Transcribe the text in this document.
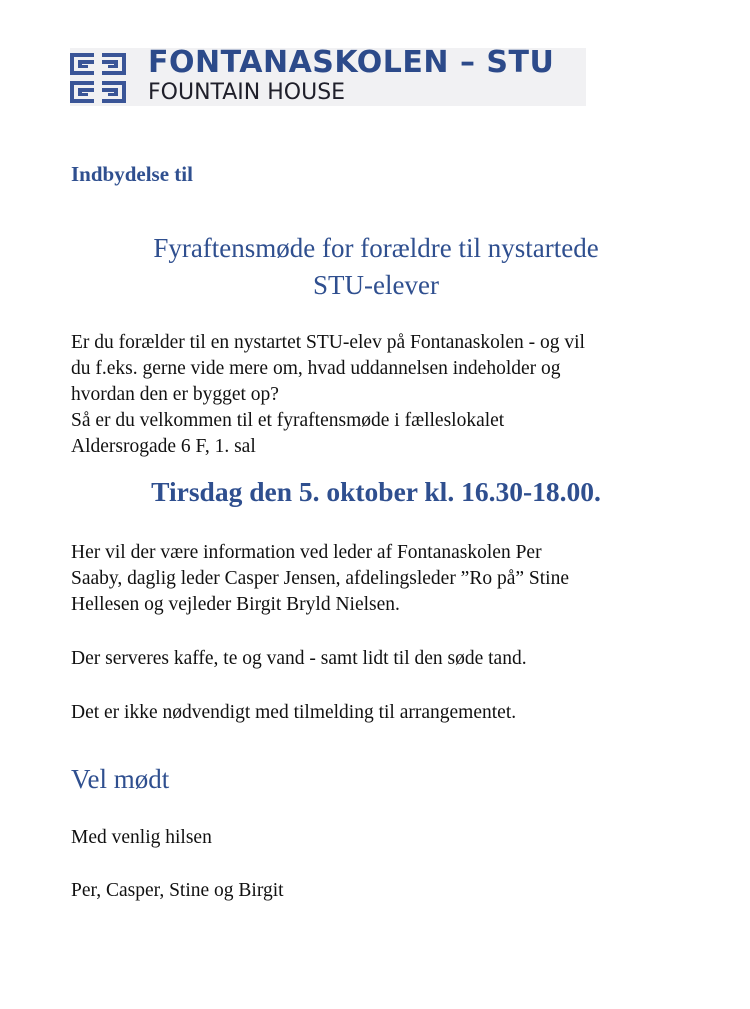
FONTANASKOLEN – STU
FOUNTAIN HOUSE
Indbydelse til
Fyraftensmøde for forældre til nystartede
STU-elever
Er du forælder til en nystartet STU-elev på Fontanaskolen - og vil
du f.eks. gerne vide mere om, hvad uddannelsen indeholder og
hvordan den er bygget op?
Så er du velkommen til et fyraftensmøde i fælleslokalet
Aldersrogade 6 F, 1. sal
Tirsdag den 5. oktober kl. 16.30-18.00.
Her vil der være information ved leder af Fontanaskolen Per
Saaby, daglig leder Casper Jensen, afdelingsleder ”Ro på” Stine
Hellesen og vejleder Birgit Bryld Nielsen.
Der serveres kaffe, te og vand - samt lidt til den søde tand.
Det er ikke nødvendigt med tilmelding til arrangementet.
Vel mødt
Med venlig hilsen
Per, Casper, Stine og Birgit
